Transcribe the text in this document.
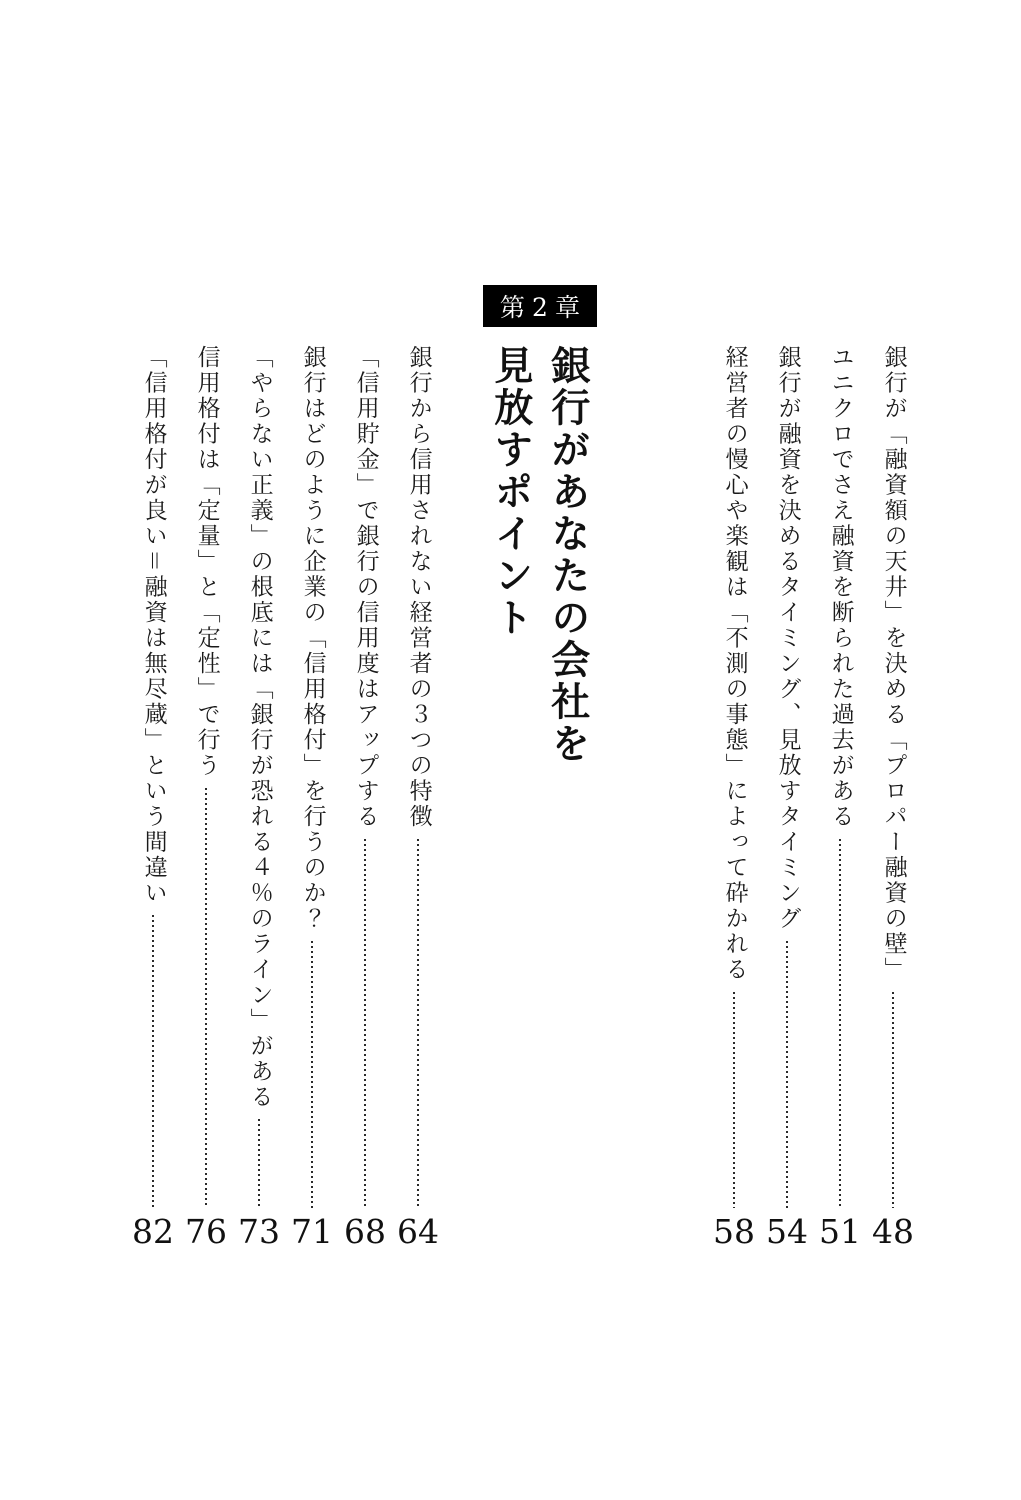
第2章
銀行があなたの会社を
見放すポイント	銀行が「融資額の天井」を決める「プロパー融資の壁」
48
ユニクロでさえ融資を断られた過去がある
51
銀行が融資を決めるタイミング、見放すタイミング
54
経営者の慢心や楽観は「不測の事態」によって砕かれる
58
銀行から信用されない経営者の３つの特徴
64
「信用貯金」で銀行の信用度はアップする
68
銀行はどのように企業の「信用格付」を行うのか？
71
「やらない正義」の根底には「銀行が恐れる４％のライン」がある
73
信用格付は「定量」と「定性」で行う
76
「信用格付が良い＝融資は無尽蔵」という間違い
82
